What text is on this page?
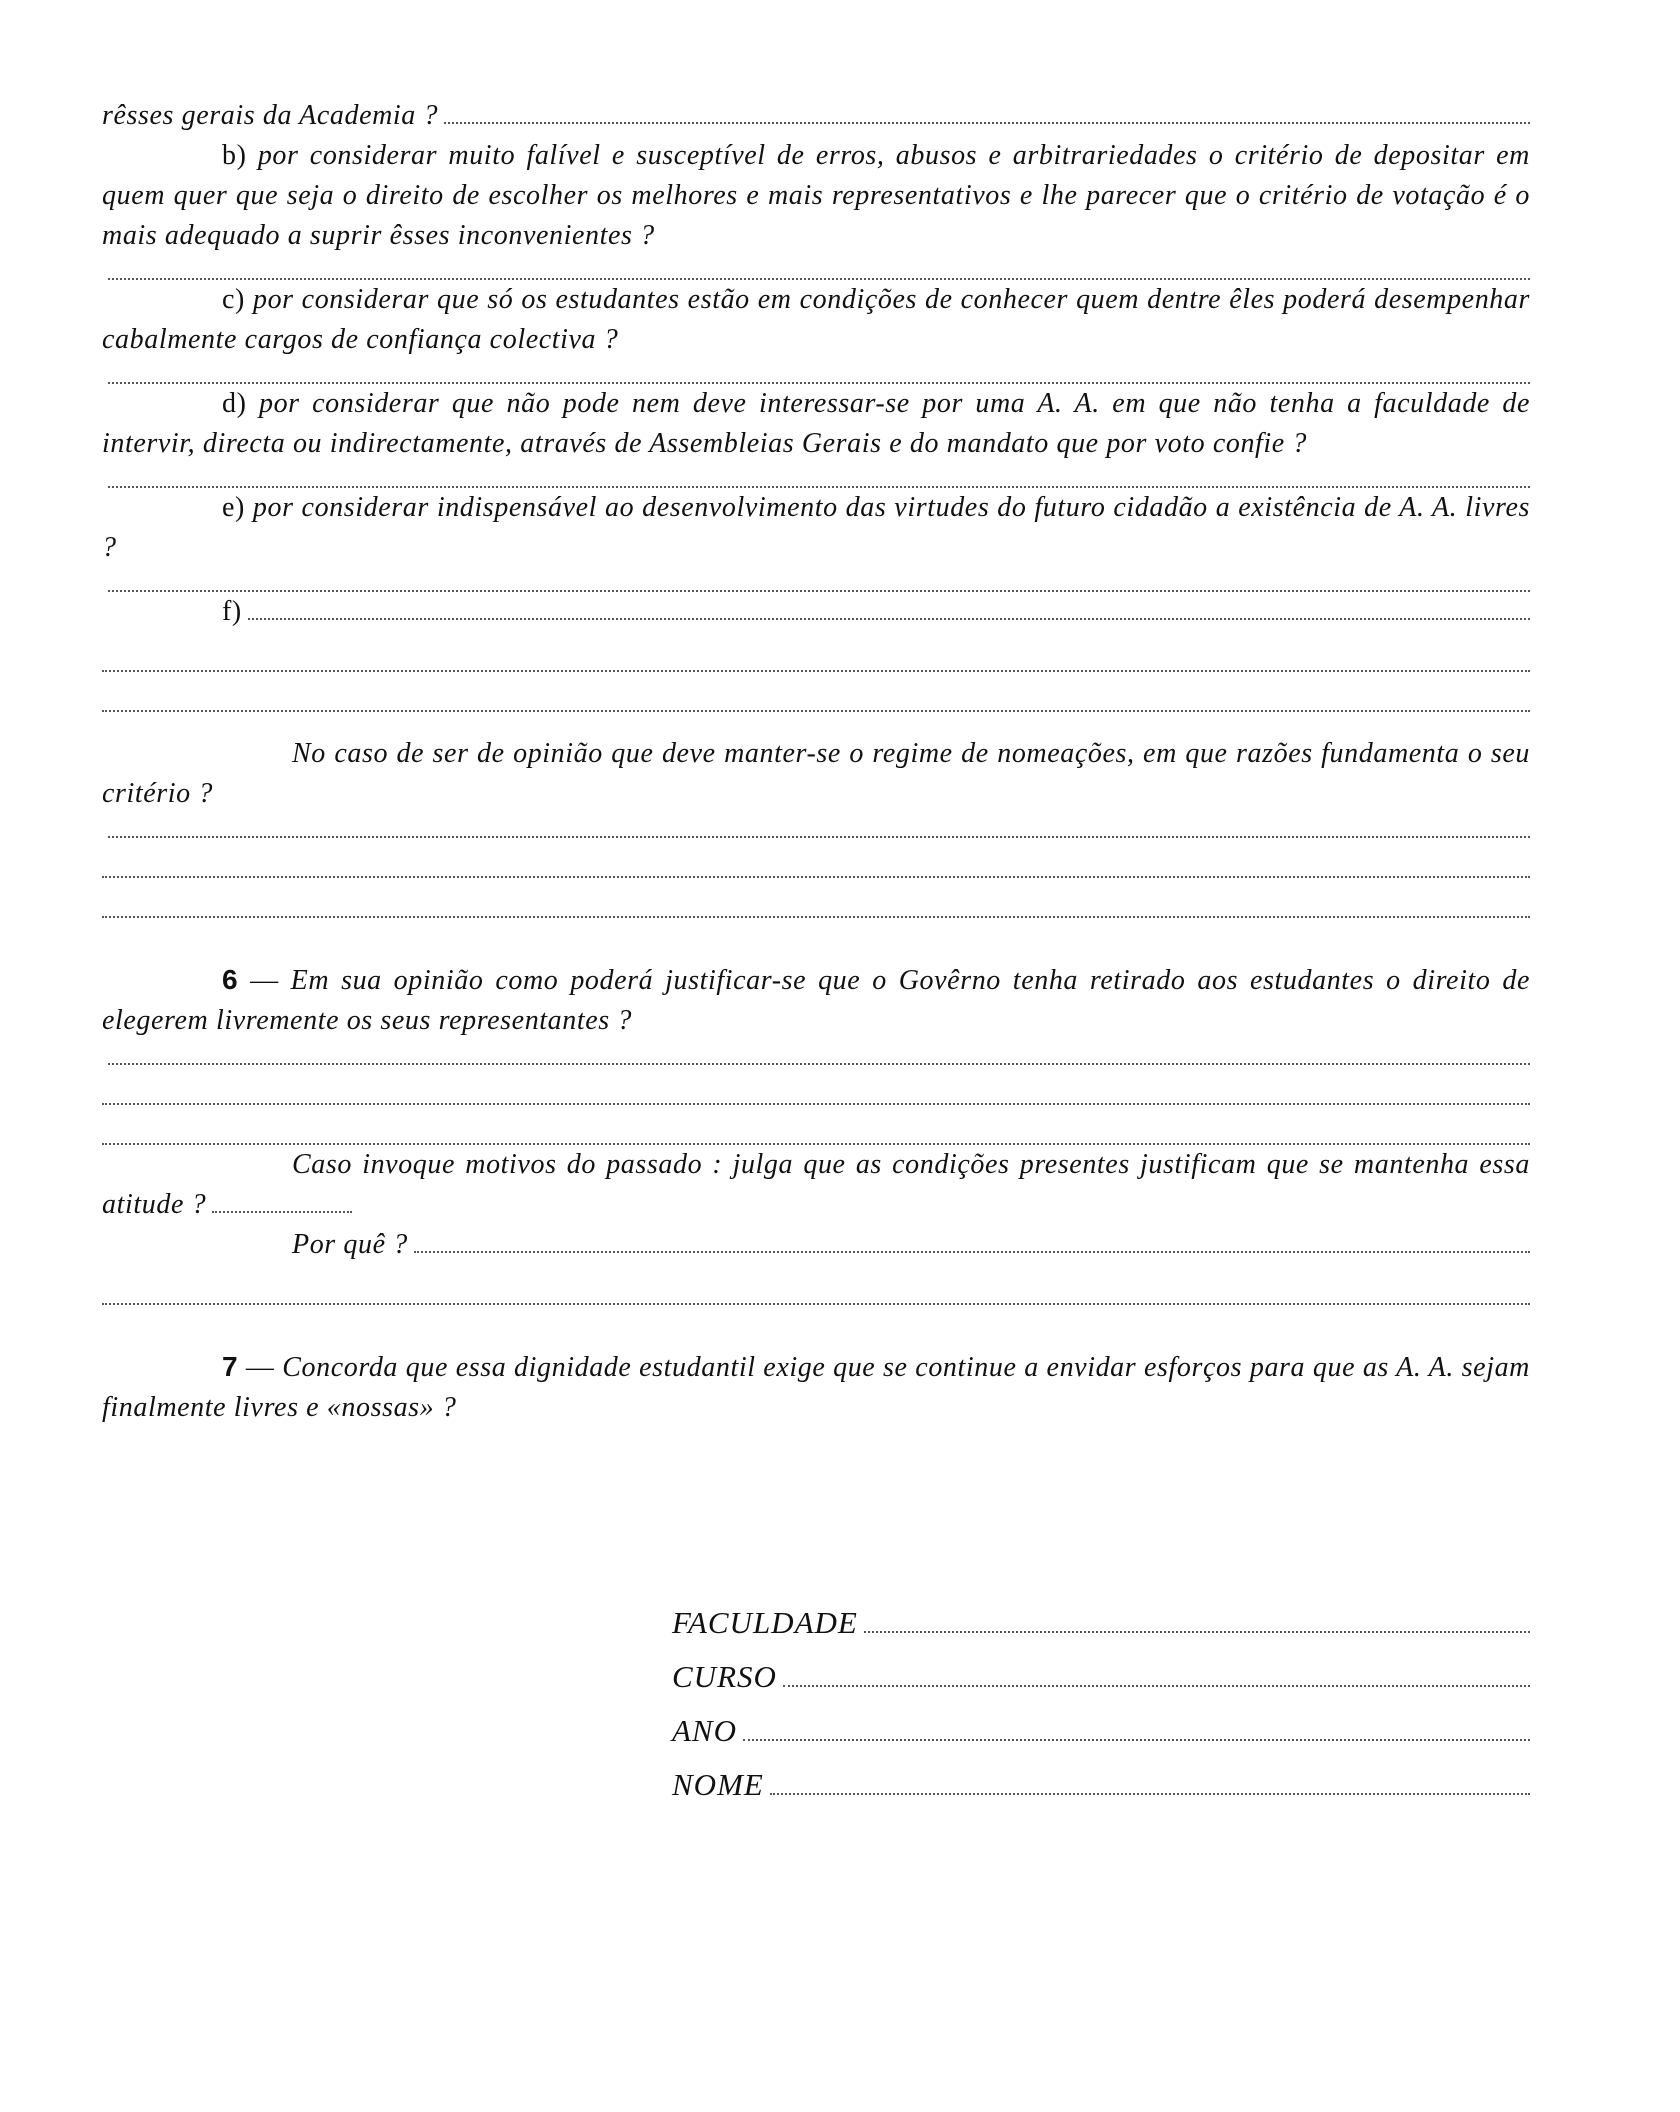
rêsses gerais da Academia ?
b) por considerar muito falível e susceptível de erros, abusos e arbitrariedades o critério de depositar em quem quer que seja o direito de escolher os melhores e mais representativos e lhe parecer que o critério de votação é o mais adequado a suprir êsses inconvenientes ?
c) por considerar que só os estudantes estão em condições de conhecer quem dentre êles poderá desempenhar cabalmente cargos de confiança colectiva ?
d) por considerar que não pode nem deve interessar-se por uma A. A. em que não tenha a faculdade de intervir, directa ou indirectamente, através de Assembleias Gerais e do mandato que por voto confie ?
e) por considerar indispensável ao desenvolvimento das virtudes do futuro cidadão a existência de A. A. livres ?
f)
No caso de ser de opinião que deve manter-se o regime de nomeações, em que razões fundamenta o seu critério ?
6 — Em sua opinião como poderá justificar-se que o Govêrno tenha retirado aos estudantes o direito de elegerem livremente os seus representantes ?
Caso invoque motivos do passado : julga que as condições presentes justificam que se mantenha essa atitude ?
Por quê ?
7 — Concorda que essa dignidade estudantil exige que se continue a envidar esforços para que as A. A. sejam finalmente livres e «nossas» ?
FACULDADE
CURSO
ANO
NOME
